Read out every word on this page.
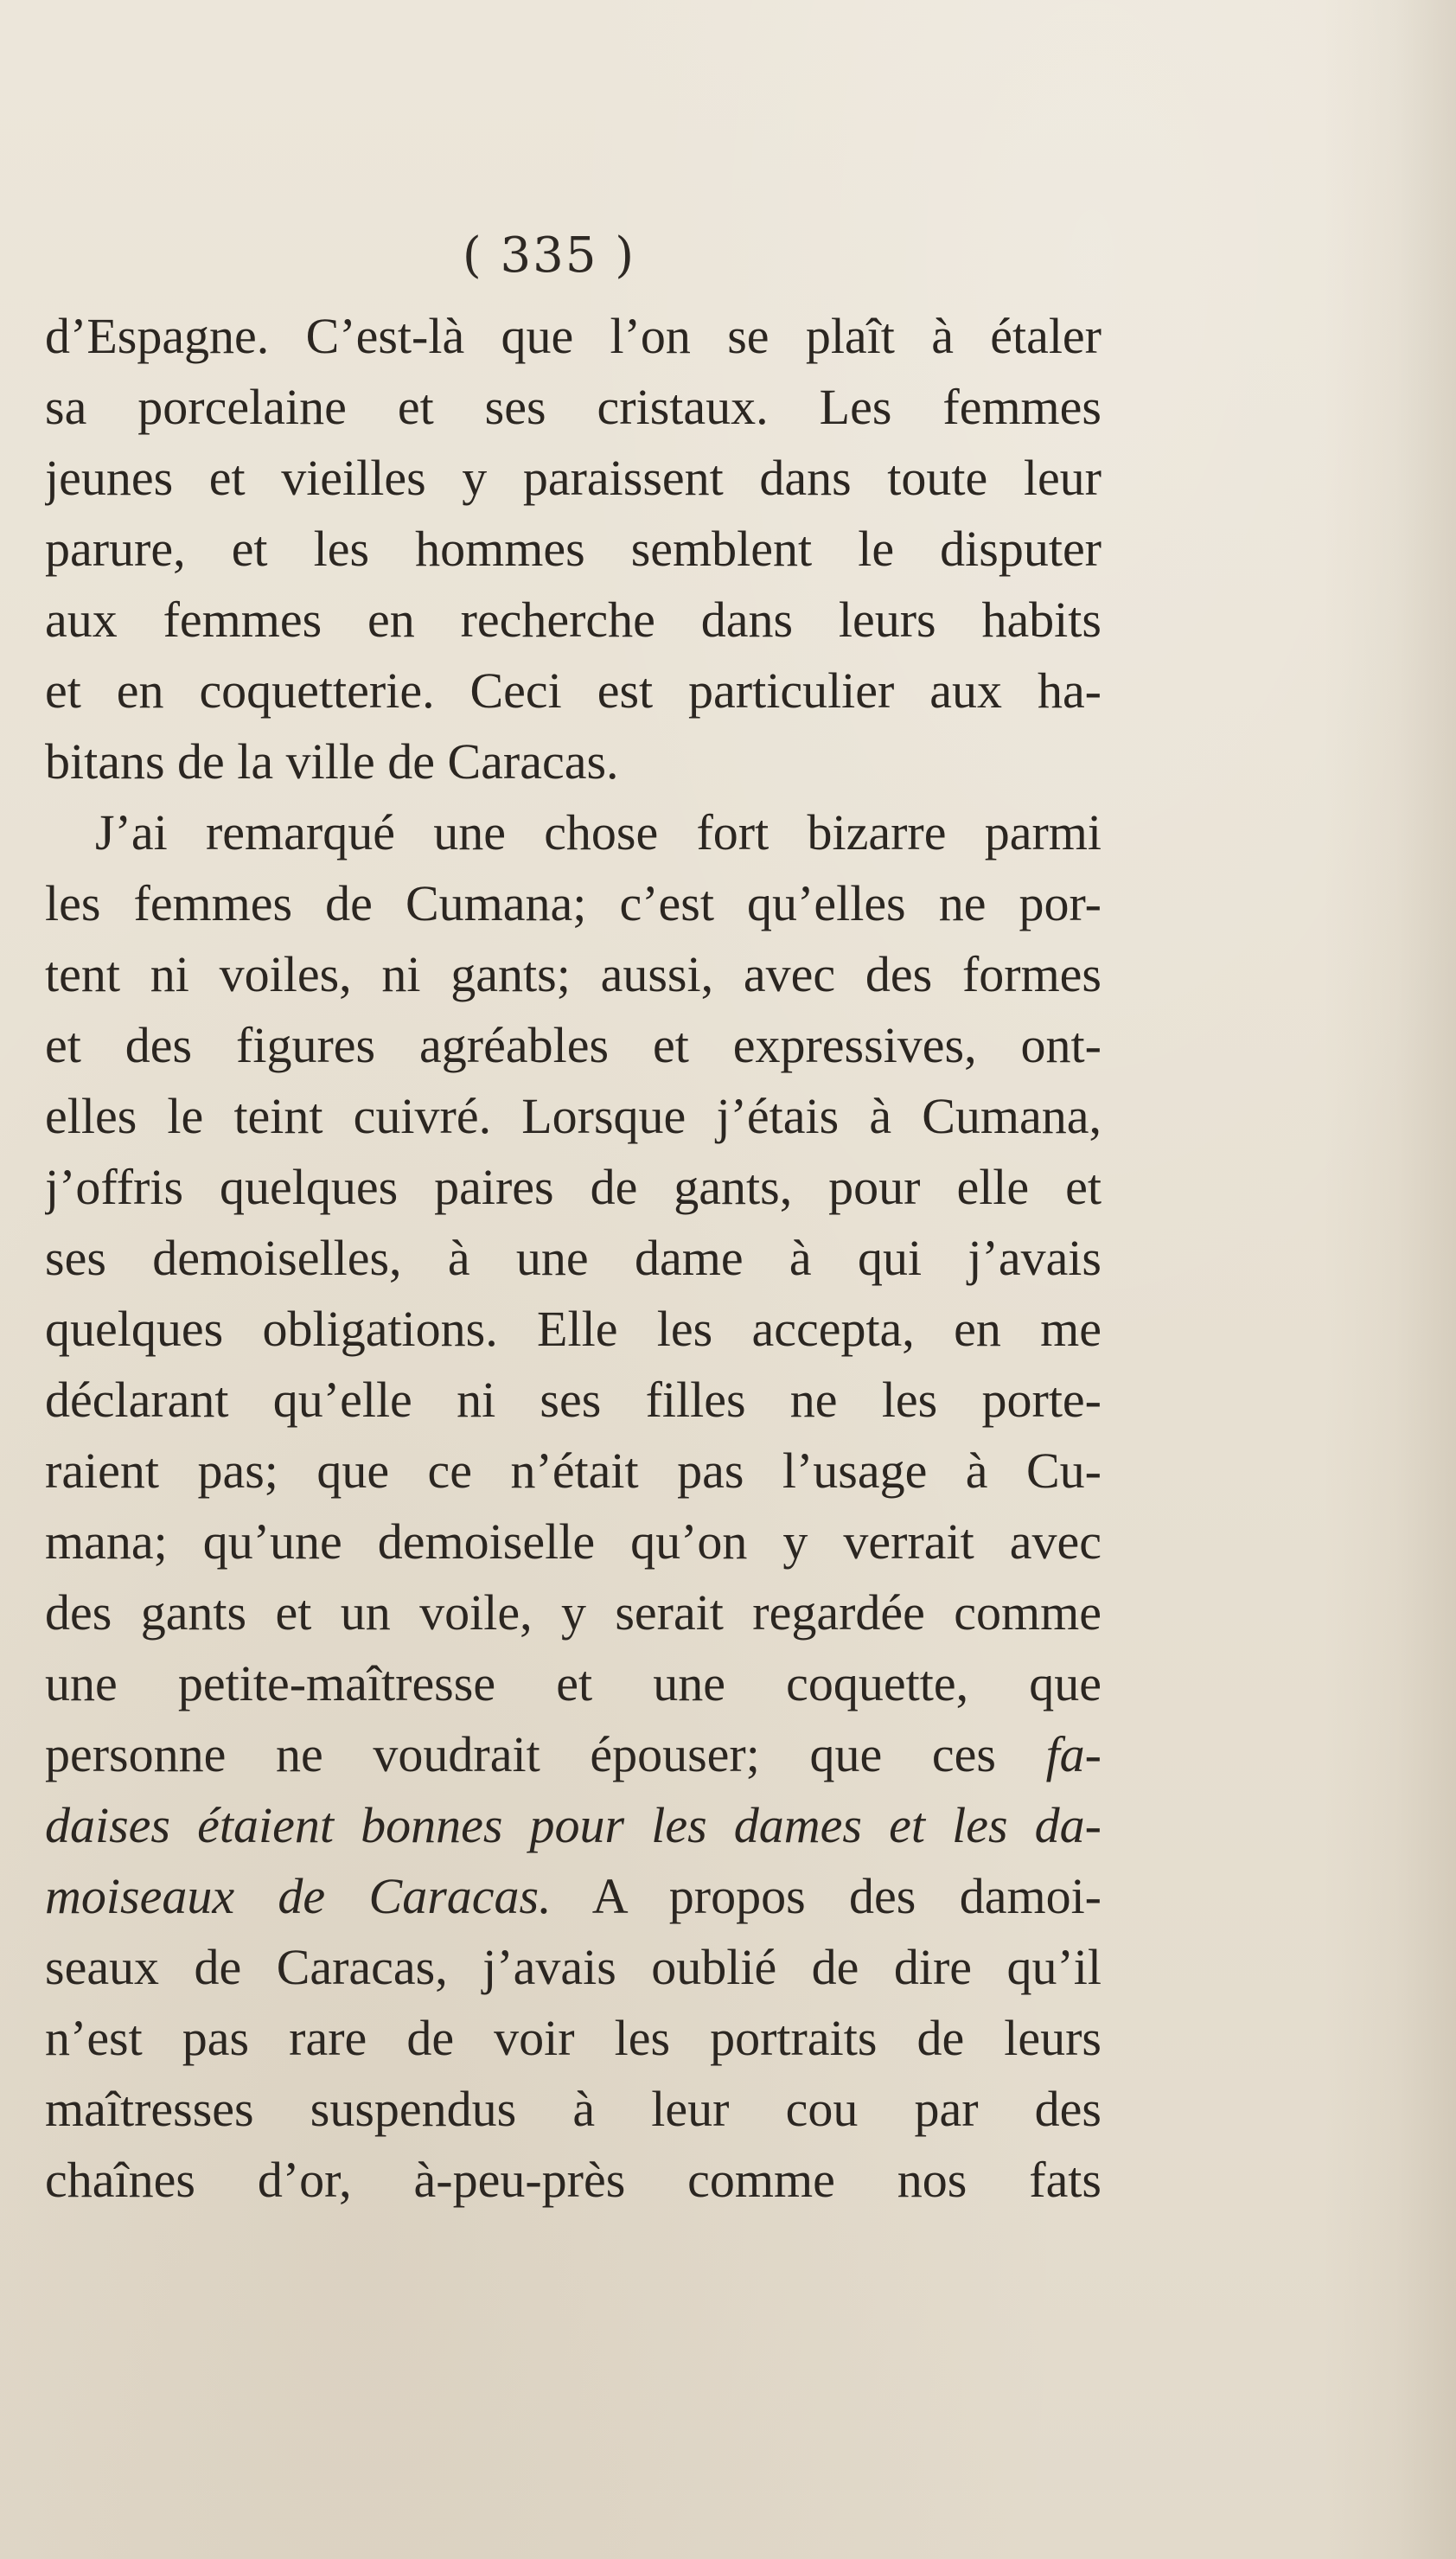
( 335 )
d’Espagne. C’est-là que l’on se plaît à étaler
sa porcelaine et ses cristaux. Les femmes
jeunes et vieilles y paraissent dans toute leur
parure, et les hommes semblent le disputer
aux femmes en recherche dans leurs habits
et en coquetterie. Ceci est particulier aux ha-
bitans de la ville de Caracas.
J’ai remarqué une chose fort bizarre parmi
les femmes de Cumana; c’est qu’elles ne por-
tent ni voiles, ni gants; aussi, avec des formes
et des figures agréables et expressives, ont-
elles le teint cuivré. Lorsque j’étais à Cumana,
j’offris quelques paires de gants, pour elle et
ses demoiselles, à une dame à qui j’avais
quelques obligations. Elle les accepta, en me
déclarant qu’elle ni ses filles ne les porte-
raient pas; que ce n’était pas l’usage à Cu-
mana; qu’une demoiselle qu’on y verrait avec
des gants et un voile, y serait regardée comme
une petite-maîtresse et une coquette, que
personne ne voudrait épouser; que ces fa-
daises étaient bonnes pour les dames et les da-
moiseaux de Caracas. A propos des damoi-
seaux de Caracas, j’avais oublié de dire qu’il
n’est pas rare de voir les portraits de leurs
maîtresses suspendus à leur cou par des
chaînes d’or, à-peu-près comme nos fats
